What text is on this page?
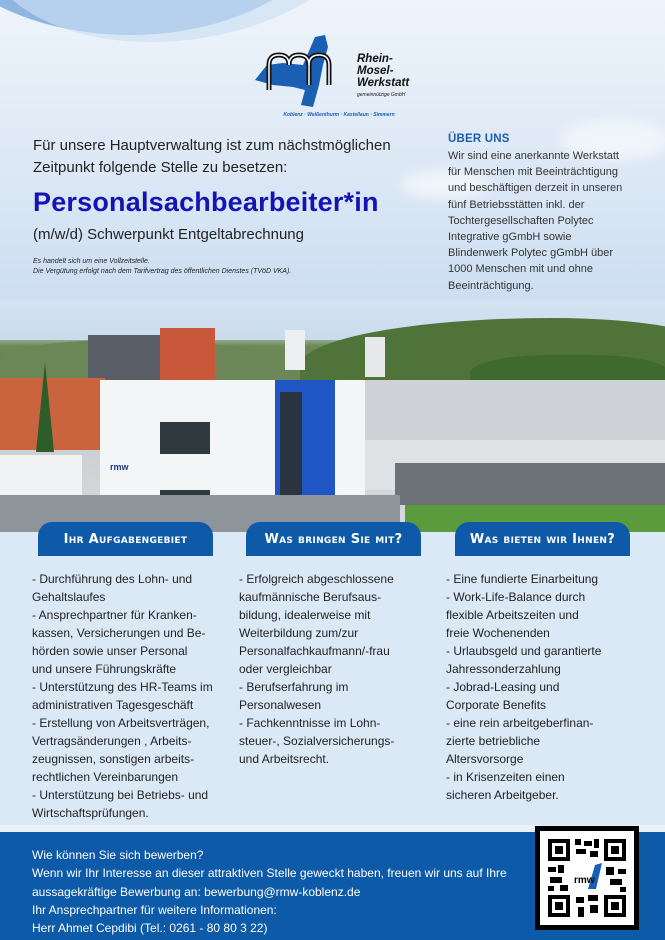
Rhein-
Mosel-
Werkstatt
gemeinnützige GmbH
Koblenz · Weißenthurm · Kastellaun · Simmern
Für unsere Hauptverwaltung ist zum nächstmöglichen
Zeitpunkt folgende Stelle zu besetzen:
Personalsachbearbeiter*in
(m/w/d) Schwerpunkt Entgeltabrechnung
Es handelt sich um eine Vollzeitstelle.
Die Vergütung erfolgt nach dem Tarifvertrag des öffentlichen Dienstes (TVöD VKA).
ÜBER UNS
Wir sind eine anerkannte Werkstatt
für Menschen mit Beeinträchtigung
und beschäftigen derzeit in unseren
fünf Betriebsstätten inkl. der
Tochtergesellschaften Polytec
Integrative gGmbH sowie
Blindenwerk Polytec gGmbH über
1000 Menschen mit und ohne
Beeinträchtigung.
rmw
Ihr Aufgabengebiet	Was bringen Sie mit?	Was bieten wir Ihnen?
- Durchführung des Lohn- und
Gehaltslaufes
- Ansprechpartner für Kranken-
kassen, Versicherungen und Be-
hörden sowie unser Personal
und unsere Führungskräfte
- Unterstützung des HR-Teams im
administrativen Tagesgeschäft
- Erstellung von Arbeitsverträgen,
Vertragsänderungen , Arbeits-
zeugnissen, sonstigen arbeits-
rechtlichen Vereinbarungen
- Unterstützung bei Betriebs- und
Wirtschaftsprüfungen.
- Erfolgreich abgeschlossene
kaufmännische Berufsaus-
bildung, idealerweise mit
Weiterbildung zum/zur
Personalfachkaufmann/-frau
oder vergleichbar
- Berufserfahrung im
Personalwesen
- Fachkenntnisse im Lohn-
steuer-, Sozialversicherungs-
und Arbeitsrecht.
- Eine fundierte Einarbeitung
- Work-Life-Balance durch
flexible Arbeitszeiten und
freie Wochenenden
- Urlaubsgeld und garantierte
Jahressonderzahlung
- Jobrad-Leasing und
Corporate Benefits
- eine rein arbeitgeberfinan-
zierte betriebliche
Altersvorsorge
- in Krisenzeiten einen
sicheren Arbeitgeber.
Wie können Sie sich bewerben?
Wenn wir Ihr Interesse an dieser attraktiven Stelle geweckt haben, freuen wir uns auf Ihre
aussagekräftige Bewerbung an: bewerbung@rmw-koblenz.de
Ihr Ansprechpartner für weitere Informationen:
Herr Ahmet Cepdibi (Tel.: 0261 - 80 80 3 22)
rmw
